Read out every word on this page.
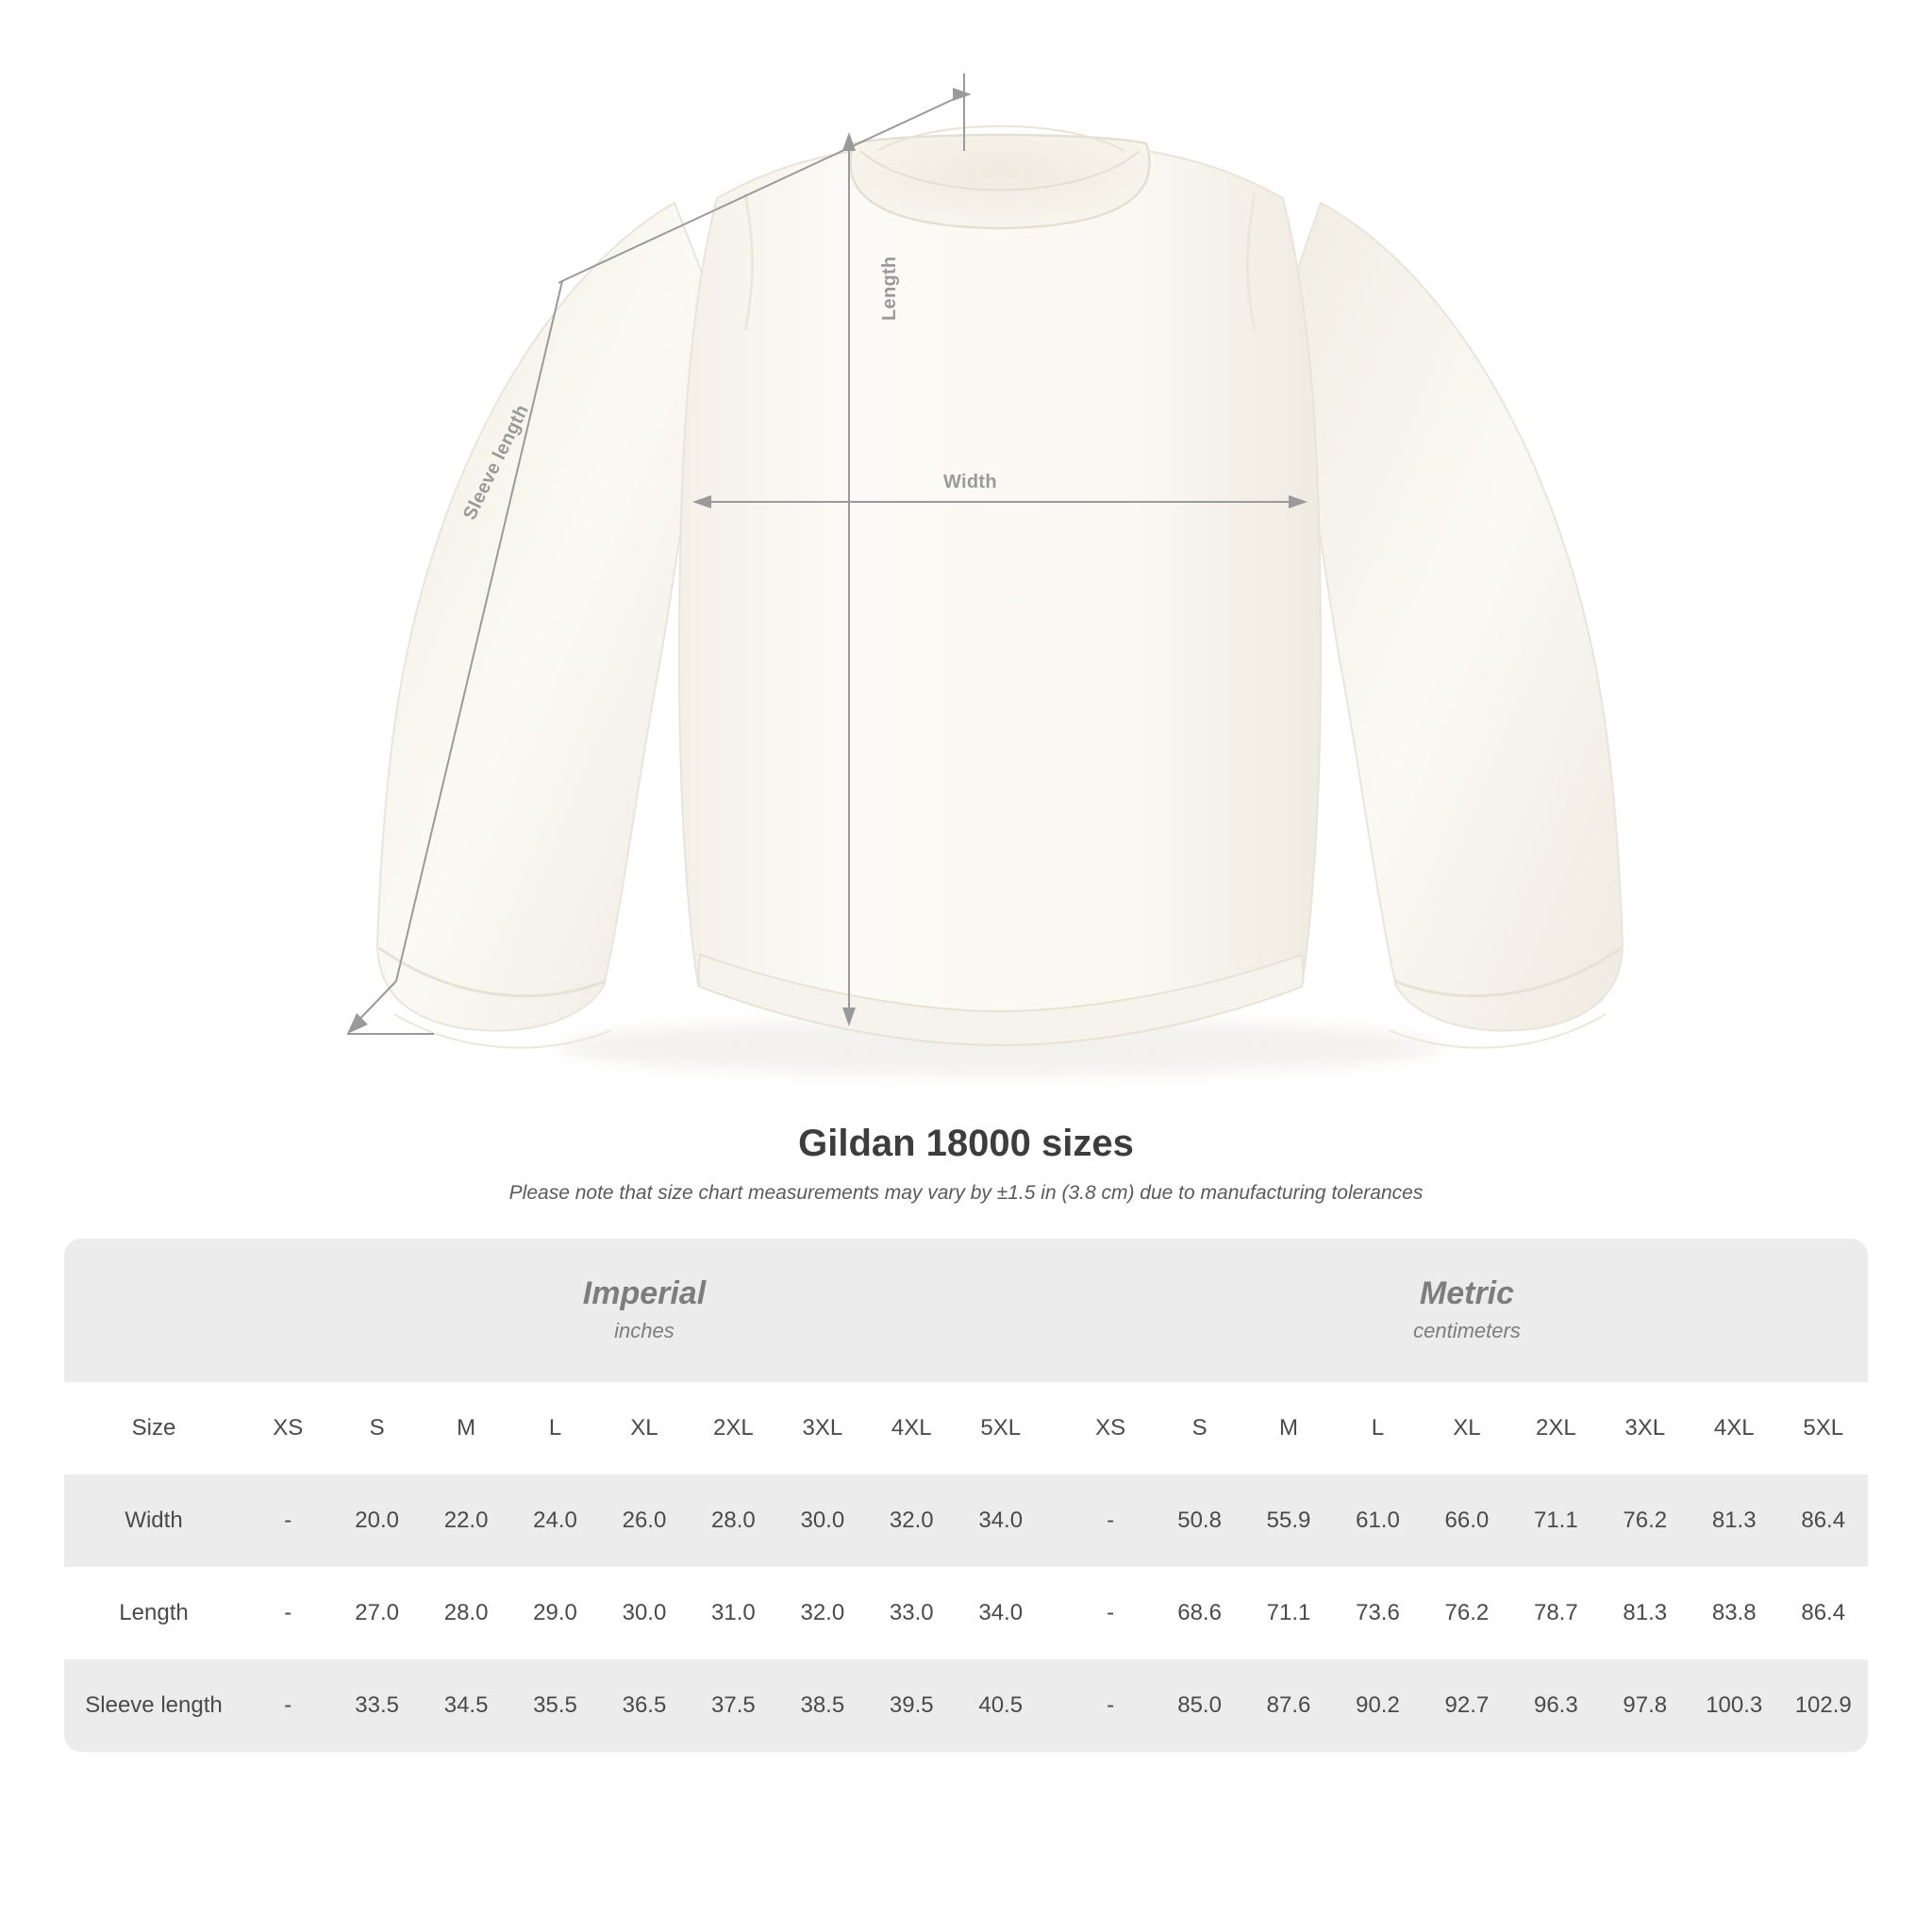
Length
Width
Sleeve length
Gildan 18000 sizes

Please note that size chart measurements may vary by ±1.5 in (3.8 cm) due to manufacturing tolerances

Imperial
inches

Metric
centimeters

Size	XS	S	M	L	XL	2XL	3XL	4XL	5XL		XS	S	M	L	XL	2XL	3XL	4XL	5XL
Width	-	20.0	22.0	24.0	26.0	28.0	30.0	32.0	34.0		-	50.8	55.9	61.0	66.0	71.1	76.2	81.3	86.4
Length	-	27.0	28.0	29.0	30.0	31.0	32.0	33.0	34.0		-	68.6	71.1	73.6	76.2	78.7	81.3	83.8	86.4
Sleeve length	-	33.5	34.5	35.5	36.5	37.5	38.5	39.5	40.5		-	85.0	87.6	90.2	92.7	96.3	97.8	100.3	102.9
